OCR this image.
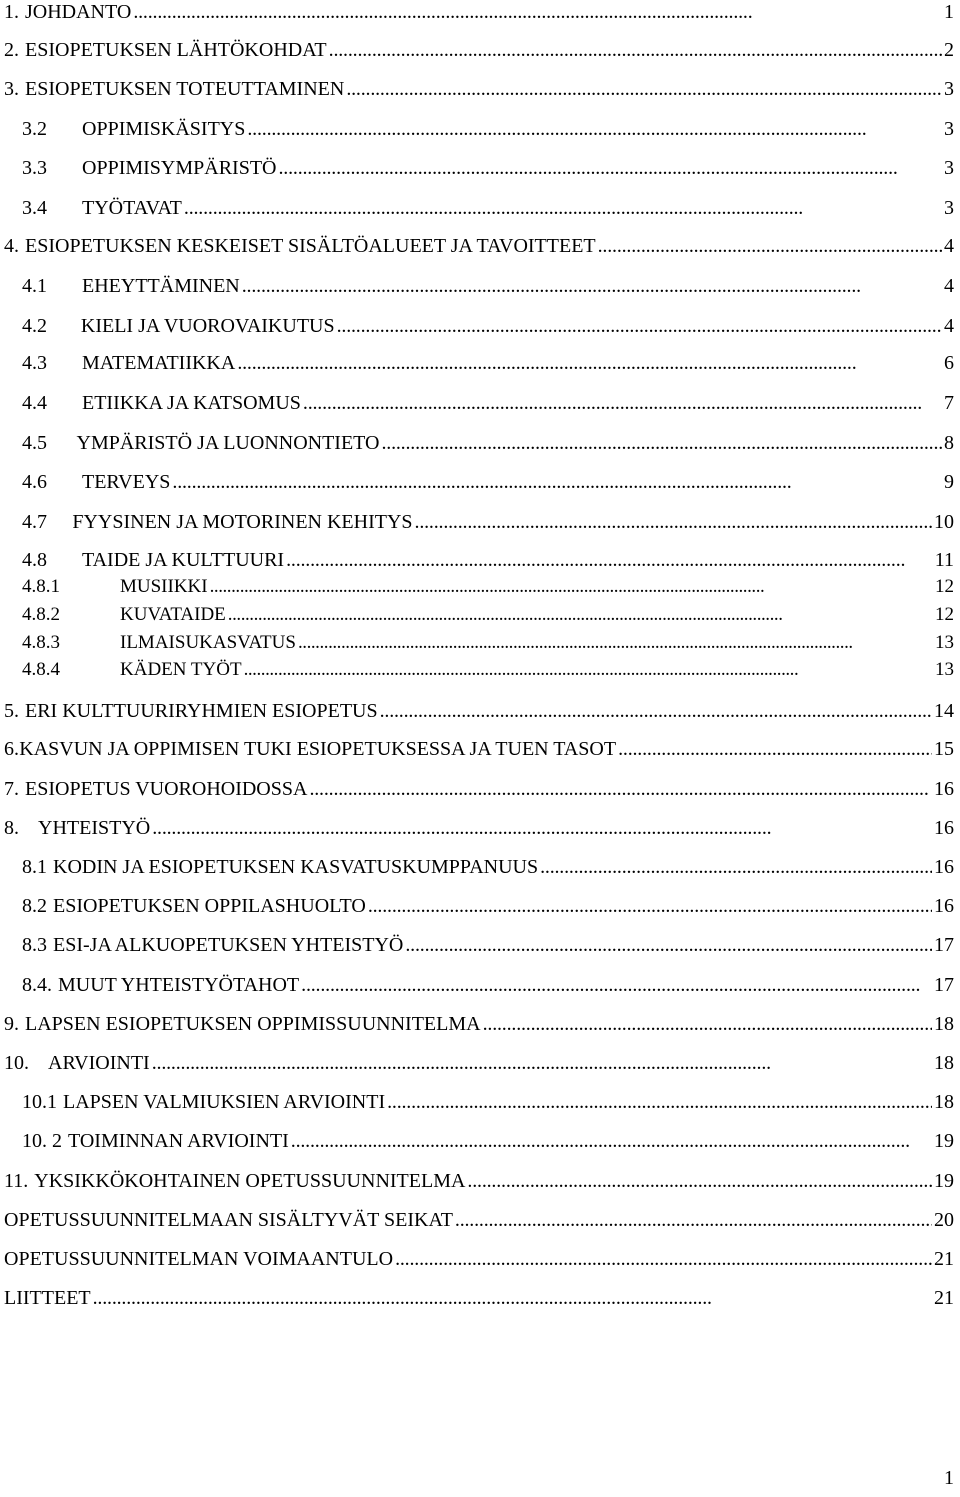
1. JOHDANTO . . .	1
2. ESIOPETUKSEN LÄHTÖKOHDAT . . .	2
3. ESIOPETUKSEN TOTEUTTAMINEN . . .	3
3.2	OPPIMISKÄSITYS . . .	3
3.3	OPPIMISYMPÄRISTÖ . . .	3
3.4	TYÖTAVAT . . .	3
4. ESIOPETUKSEN KESKEISET SISÄLTÖALUEET JA TAVOITTEET . . .	4
4.1	EHEYTTÄMINEN . . .	4
4.2	KIELI JA VUOROVAIKUTUS . . .	4
4.3	MATEMATIIKKA . . .	6
4.4	ETIIKKA JA KATSOMUS . . .	7
4.5	YMPÄRISTÖ JA LUONNONTIETO . . .	8
4.6	TERVEYS . . .	9
4.7	FYYSINEN JA MOTORINEN KEHITYS . . .	10
4.8	TAIDE JA KULTTUURI . . .	11
4.8.1	MUSIIKKI . . .	12
4.8.2	KUVATAIDE . . .	12
4.8.3	ILMAISUKASVATUS . . .	13
4.8.4	KÄDEN TYÖT . . .	13
5. ERI KULTTUURIRYHMIEN ESIOPETUS . . .	14
6. KASVUN JA OPPIMISEN TUKI ESIOPETUKSESSA JA TUEN TASOT . . .	15
7. ESIOPETUS VUOROHOIDOSSA . . .	16
8. YHTEISTYÖ . . .	16
8.1 KODIN JA ESIOPETUKSEN KASVATUSKUMPPANUUS . . .	16
8.2 ESIOPETUKSEN OPPILASHUOLTO . . .	16
8.3 ESI-JA ALKUOPETUKSEN YHTEISTYÖ . . .	17
8.4. MUUT YHTEISTYÖTAHOT . . .	17
9. LAPSEN ESIOPETUKSEN OPPIMISSUUNNITELMA . . .	18
10. ARVIOINTI . . .	18
10.1 LAPSEN VALMIUKSIEN ARVIOINTI . . .	18
10. 2 TOIMINNAN ARVIOINTI . . .	19
11. YKSIKKÖKOHTAINEN OPETUSSUUNNITELMA . . .	19
OPETUSSUUNNITELMAAN SISÄLTYVÄT SEIKAT . . .	20
OPETUSSUUNNITELMAN VOIMAANTULO . . .	21
LIITTEET . . .	21
1
